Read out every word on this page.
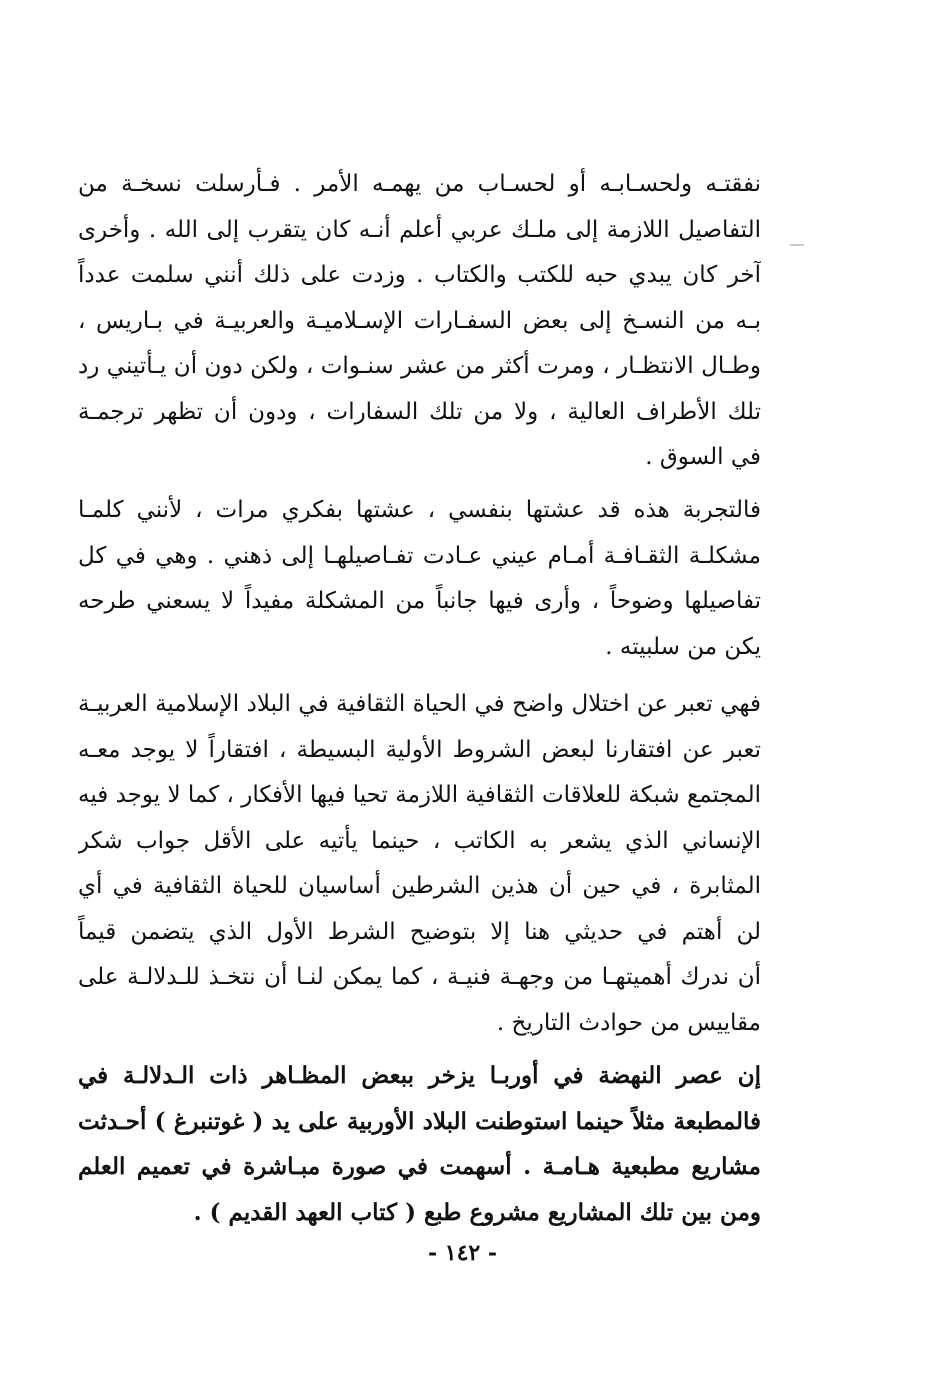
نفقتـه ولحسـابـه أو لحسـاب من يهمـه الأمر . فـأرسلت نسخـة من
التفاصيل اللازمة إلى ملـك عربي أعلم أنـه كان يتقرب إلى الله . وأخرى
آخر كان يبدي حبه للكتب والكتاب . وزدت على ذلك أنني سلمت عدداً
بـه من النسـخ إلى بعض السفـارات الإسـلاميـة والعربيـة في بـاريس ،
وطـال الانتظـار ، ومرت أكثر من عشر سنـوات ، ولكن دون أن يـأتيني رد
تلك الأطراف العالية ، ولا من تلك السفارات ، ودون أن تظهر ترجمـة
في السوق .
فالتجربة هذه قد عشتها بنفسي ، عشتها بفكري مرات ، لأنني كلمـا
مشكلـة الثقـافـة أمـام عيني عـادت تفـاصيلهـا إلى ذهني . وهي في كل
تفاصيلها وضوحاً ، وأرى فيها جانباً من المشكلة مفيداً لا يسعني طرحه
يكن من سلبيته .
فهي تعبر عن اختلال واضح في الحياة الثقافية في البلاد الإسلامية العربيـة
تعبر عن افتقارنا لبعض الشروط الأولية البسيطة ، افتقاراً لا يوجد معـه
المجتمع شبكة للعلاقات الثقافية اللازمة تحيا فيها الأفكار ، كما لا يوجد فيه
الإنساني الذي يشعر به الكاتب ، حينما يأتيه على الأقل جواب شكر
المثابرة ، في حين أن هذين الشرطين أساسيان للحياة الثقافية في أي
لن أهتم في حديثي هنا إلا بتوضيح الشرط الأول الذي يتضمن قيماً
أن ندرك أهميتهـا من وجهـة فنيـة ، كما يمكن لنـا أن نتخـذ للـدلالـة على
مقاييس من حوادث التاريخ .
إن عصر النهضة في أوربـا يزخر ببعض المظـاهر ذات الـدلالـة في
فالمطبعة مثلاً حينما استوطنت البلاد الأوربية على يد ( غوتنبرغ ) أحـدثت
مشاريع مطبعية هـامـة . أسهمت في صورة مبـاشرة في تعميم العلم
ومن بين تلك المشاريع مشروع طبع ( كتاب العهد القديم ) .
- ١٤٢ -
